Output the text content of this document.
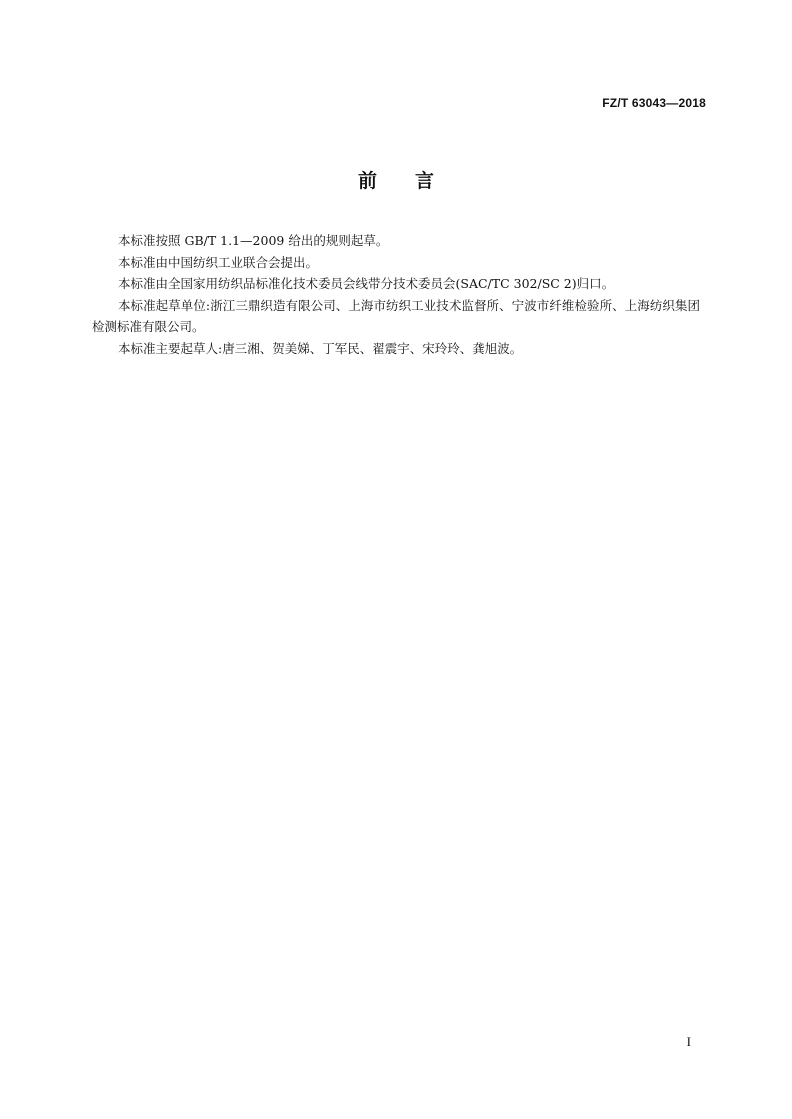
FZ/T 63043—2018
前 言

本标准按照 GB/T 1.1—2009 给出的规则起草。

本标准由中国纺织工业联合会提出。

本标准由全国家用纺织品标准化技术委员会线带分技术委员会(SAC/TC 302/SC 2)归口。

本标准起草单位:浙江三鼎织造有限公司、上海市纺织工业技术监督所、宁波市纤维检验所、上海纺织集团检测标准有限公司。

本标准主要起草人:唐三湘、贺美娣、丁军民、翟震宇、宋玲玲、龚旭波。

I
